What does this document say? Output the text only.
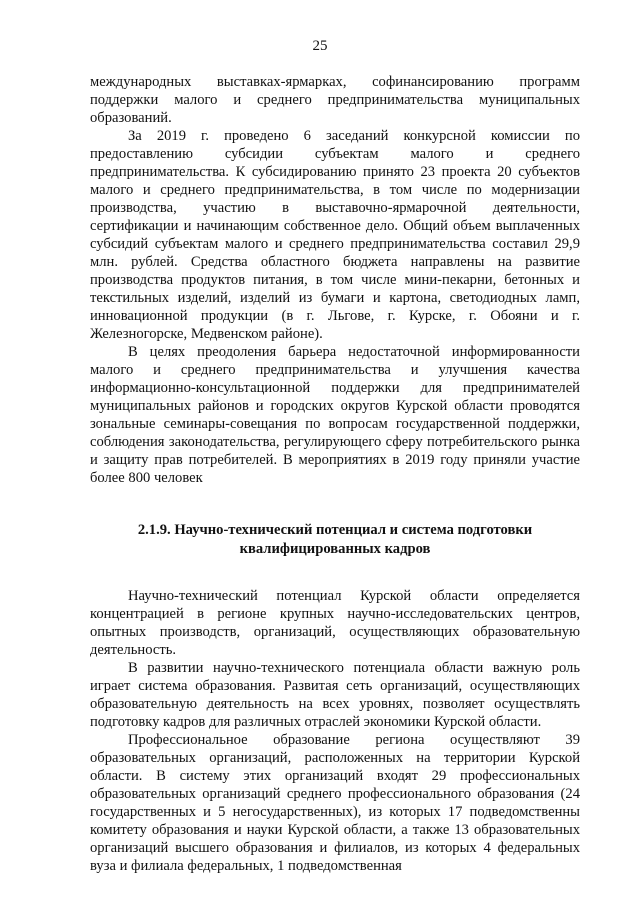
25

международных выставках-ярмарках, софинансированию программ поддержки малого и среднего предпринимательства муниципальных образований.

За 2019 г. проведено 6 заседаний конкурсной комиссии по предоставлению субсидии субъектам малого и среднего предпринимательства. К субсидированию принято 23 проекта 20 субъектов малого и среднего предпринимательства, в том числе по модернизации производства, участию в выставочно-ярмарочной деятельности, сертификации и начинающим собственное дело. Общий объем выплаченных субсидий субъектам малого и среднего предпринимательства составил 29,9 млн. рублей. Средства областного бюджета направлены на развитие производства продуктов питания, в том числе мини-пекарни, бетонных и текстильных изделий, изделий из бумаги и картона, светодиодных ламп, инновационной продукции (в г. Льгове, г. Курске, г. Обояни и г. Железногорске, Медвенском районе).

В целях преодоления барьера недостаточной информированности малого и среднего предпринимательства и улучшения качества информационно-консультационной поддержки для предпринимателей муниципальных районов и городских округов Курской области проводятся зональные семинары-совещания по вопросам государственной поддержки, соблюдения законодательства, регулирующего сферу потребительского рынка и защиту прав потребителей. В мероприятиях в 2019 году приняли участие более 800 человек

2.1.9. Научно-технический потенциал и система подготовки
квалифицированных кадров

Научно-технический потенциал Курской области определяется концентрацией в регионе крупных научно-исследовательских центров, опытных производств, организаций, осуществляющих образовательную деятельность.

В развитии научно-технического потенциала области важную роль играет система образования. Развитая сеть организаций, осуществляющих образовательную деятельность на всех уровнях, позволяет осуществлять подготовку кадров для различных отраслей экономики Курской области.

Профессиональное образование региона осуществляют 39 образовательных организаций, расположенных на территории Курской области. В систему этих организаций входят 29 профессиональных образовательных организаций среднего профессионального образования (24 государственных и 5 негосударственных), из которых 17 подведомственны комитету образования и науки Курской области, а также 13 образовательных организаций высшего образования и филиалов, из которых 4 федеральных вуза и филиала федеральных, 1 подведомственная
